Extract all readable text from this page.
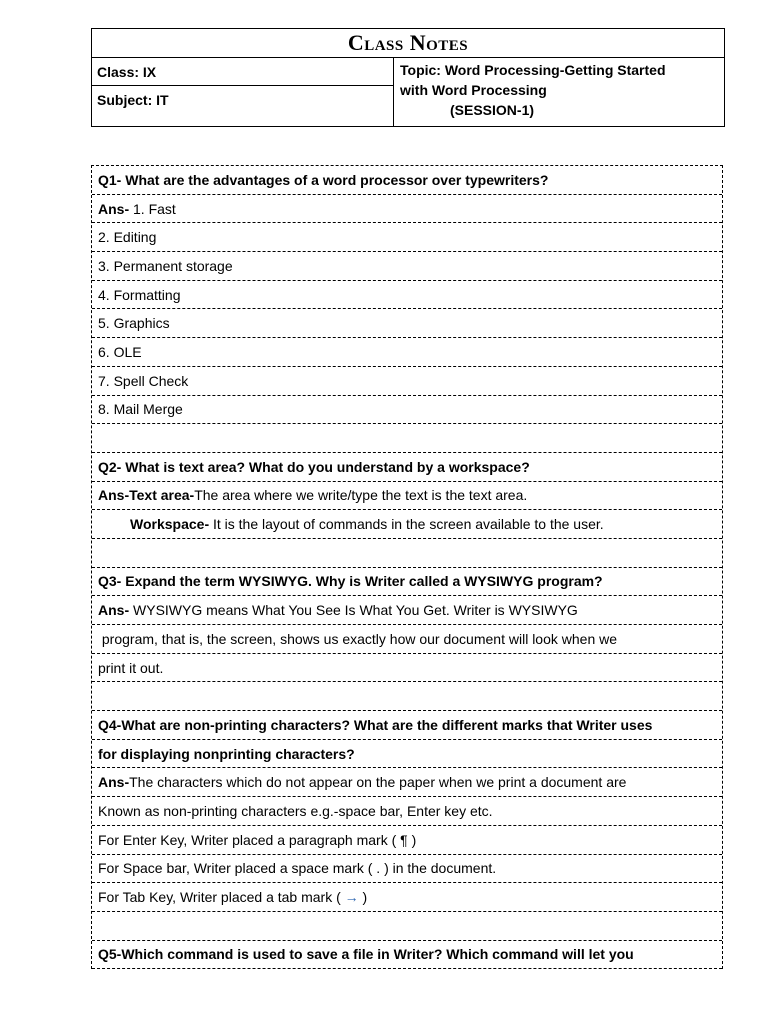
Class Notes
Class: IX
Subject: IT
Topic: Word Processing-Getting Started
with Word Processing
(SESSION-1)
Q1- What are the advantages of a word processor over typewriters?
Ans- 1. Fast
2. Editing
3. Permanent storage
4. Formatting
5. Graphics
6. OLE
7. Spell Check
8. Mail Merge
Q2- What is text area? What do you understand by a workspace?
Ans-Text area- The area where we write/type the text is the text area.
Workspace- It is the layout of commands in the screen available to the user.
Q3- Expand the term WYSIWYG. Why is Writer called a WYSIWYG program?
Ans- WYSIWYG means What You See Is What You Get. Writer is WYSIWYG
program, that is, the screen, shows us exactly how our document will look when we
print it out.
Q4-What are non-printing characters? What are the different marks that Writer uses
for displaying nonprinting characters?
Ans- The characters which do not appear on the paper when we print a document are
Known as non-printing characters e.g.-space bar, Enter key etc.
For Enter Key, Writer placed a paragraph mark ( ¶ )
For Space bar, Writer placed a space mark ( . ) in the document.
For Tab Key, Writer placed a tab mark ( → )
Q5-Which command is used to save a file in Writer? Which command will let you
